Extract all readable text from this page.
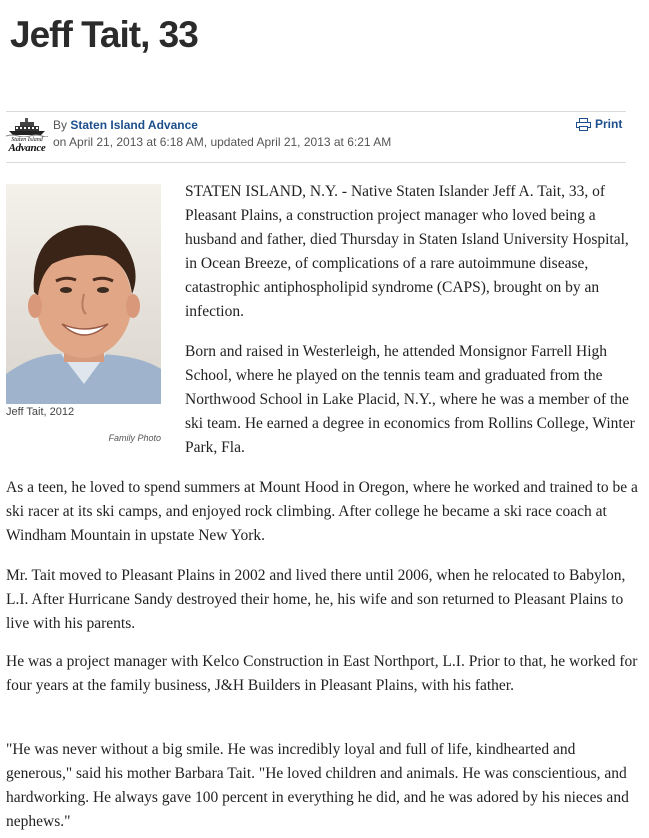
Jeff Tait, 33
Staten Island
Advance
By Staten Island Advance
on April 21, 2013 at 6:18 AM, updated April 21, 2013 at 6:21 AM
Print
Jeff Tait, 2012
Family Photo

STATEN ISLAND, N.Y. - Native Staten Islander Jeff A. Tait, 33, of Pleasant Plains, a construction project manager who loved being a husband and father, died Thursday in Staten Island University Hospital, in Ocean Breeze, of complications of a rare autoimmune disease, catastrophic antiphospholipid syndrome (CAPS), brought on by an infection.

Born and raised in Westerleigh, he attended Monsignor Farrell High School, where he played on the tennis team and graduated from the Northwood School in Lake Placid, N.Y., where he was a member of the ski team. He earned a degree in economics from Rollins College, Winter Park, Fla.

As a teen, he loved to spend summers at Mount Hood in Oregon, where he worked and trained to be a ski racer at its ski camps, and enjoyed rock climbing. After college he became a ski race coach at Windham Mountain in upstate New York.

Mr. Tait moved to Pleasant Plains in 2002 and lived there until 2006, when he relocated to Babylon, L.I. After Hurricane Sandy destroyed their home, he, his wife and son returned to Pleasant Plains to live with his parents.

He was a project manager with Kelco Construction in East Northport, L.I. Prior to that, he worked for four years at the family business, J&H Builders in Pleasant Plains, with his father.

"He was never without a big smile. He was incredibly loyal and full of life, kindhearted and generous," said his mother Barbara Tait. "He loved children and animals. He was conscientious, and hardworking. He always gave 100 percent in everything he did, and he was adored by his nieces and nephews."
